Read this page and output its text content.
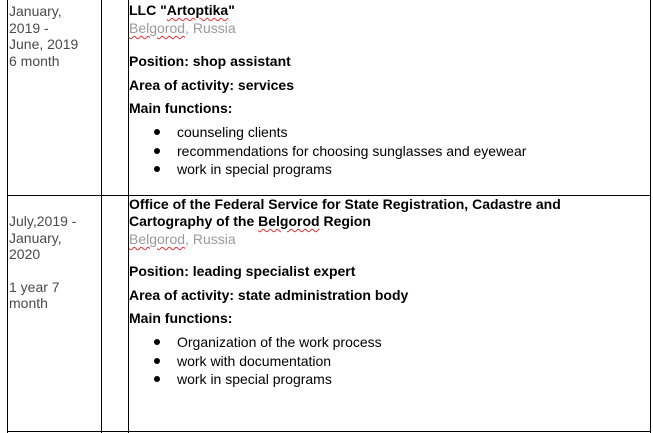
January,
2019 -
June, 2019
6 month
LLC "Artoptika"
Belgorod, Russia
Position: shop assistant
Area of activity: services
Main functions:
counseling clients
recommendations for choosing sunglasses and eyewear
work in special programs
July,2019 -
January,
2020
1 year 7
month
Office of the Federal Service for State Registration, Cadastre and
Cartography of the Belgorod Region
Belgorod, Russia
Position: leading specialist expert
Area of activity: state administration body
Main functions:
Organization of the work process
work with documentation
work in special programs
